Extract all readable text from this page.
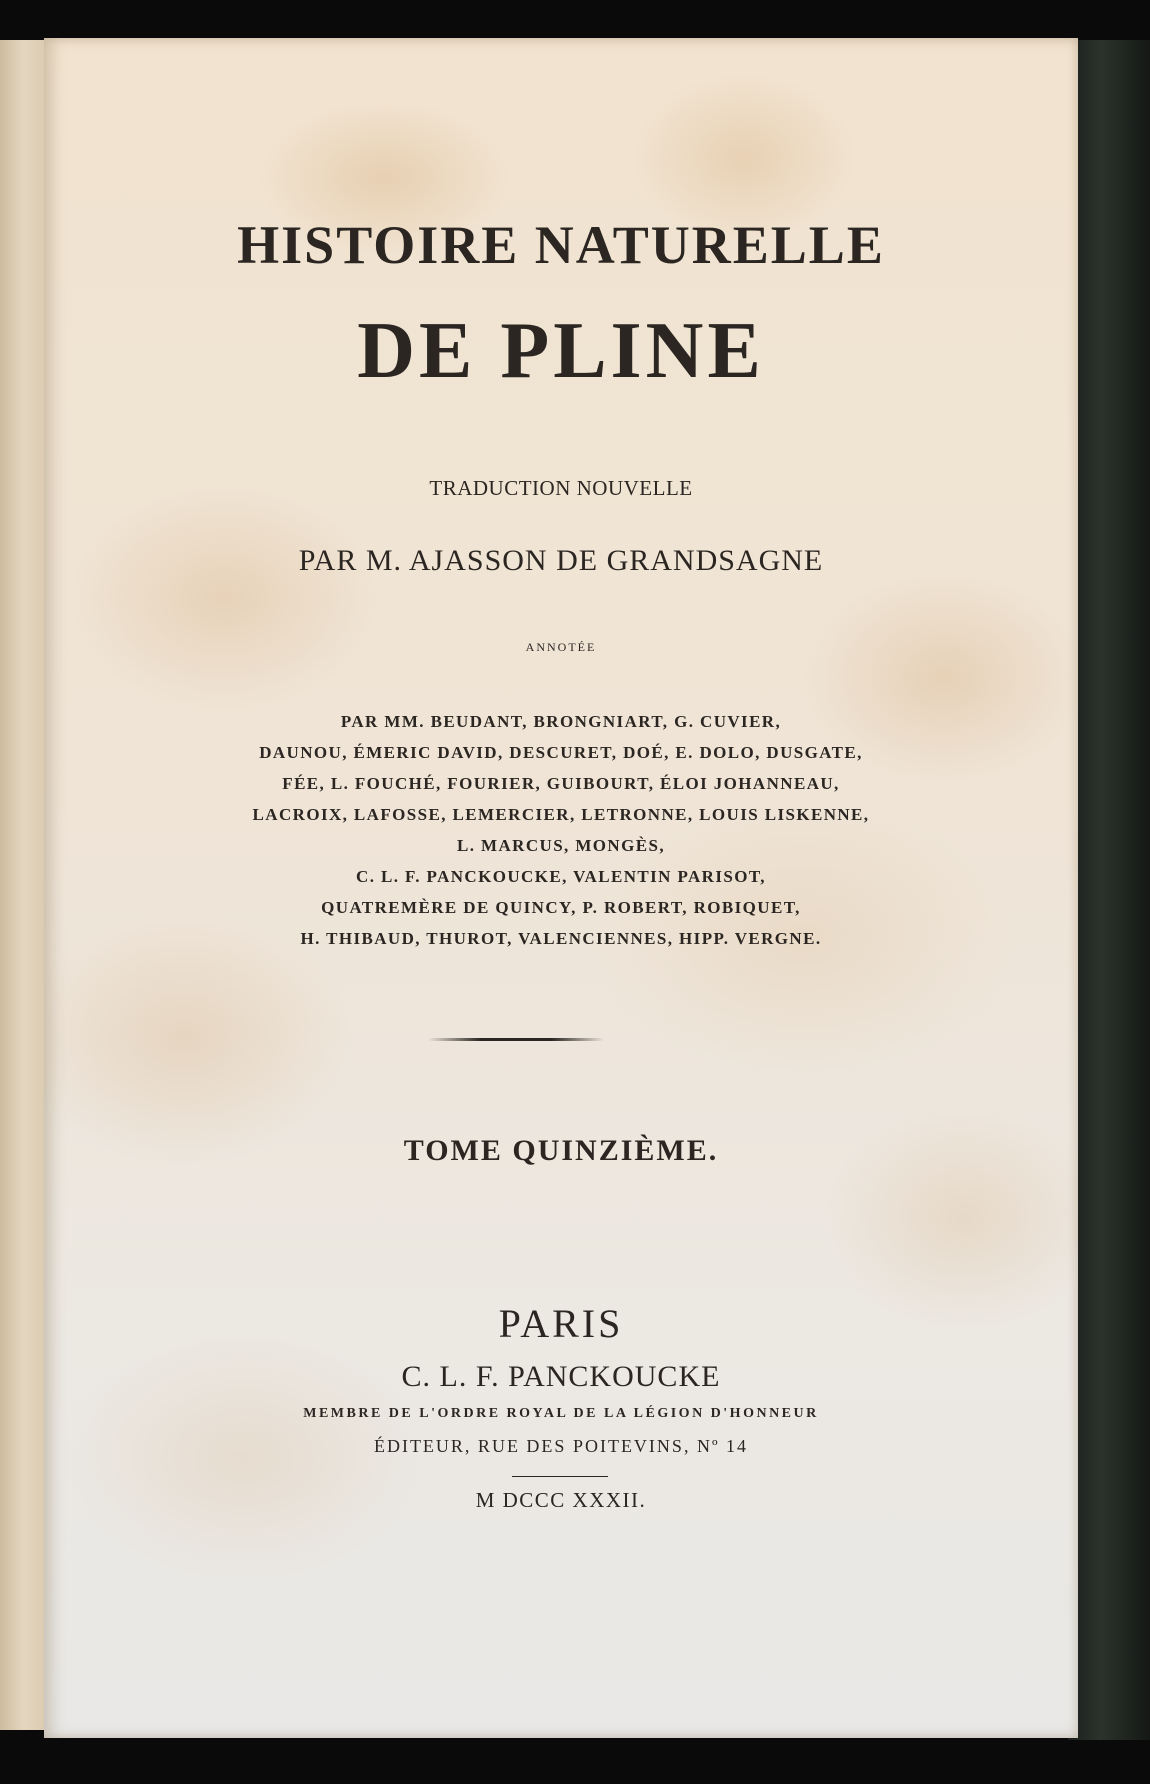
HISTOIRE NATURELLE

DE PLINE

TRADUCTION NOUVELLE

PAR M. AJASSON DE GRANDSAGNE

ANNOTÉE

PAR MM. BEUDANT, BRONGNIART, G. CUVIER,
DAUNOU, ÉMERIC DAVID, DESCURET, DOÉ, E. DOLO, DUSGATE,
FÉE, L. FOUCHÉ, FOURIER, GUIBOURT, ÉLOI JOHANNEAU,
LACROIX, LAFOSSE, LEMERCIER, LETRONNE, LOUIS LISKENNE,
L. MARCUS, MONGÈS,
C. L. F. PANCKOUCKE, VALENTIN PARISOT,
QUATREMÈRE DE QUINCY, P. ROBERT, ROBIQUET,
H. THIBAUD, THUROT, VALENCIENNES, HIPP. VERGNE.

TOME QUINZIÈME.

PARIS

C. L. F. PANCKOUCKE

MEMBRE DE L'ORDRE ROYAL DE LA LÉGION D'HONNEUR

ÉDITEUR, RUE DES POITEVINS, Nº 14

M DCCC XXXII.
